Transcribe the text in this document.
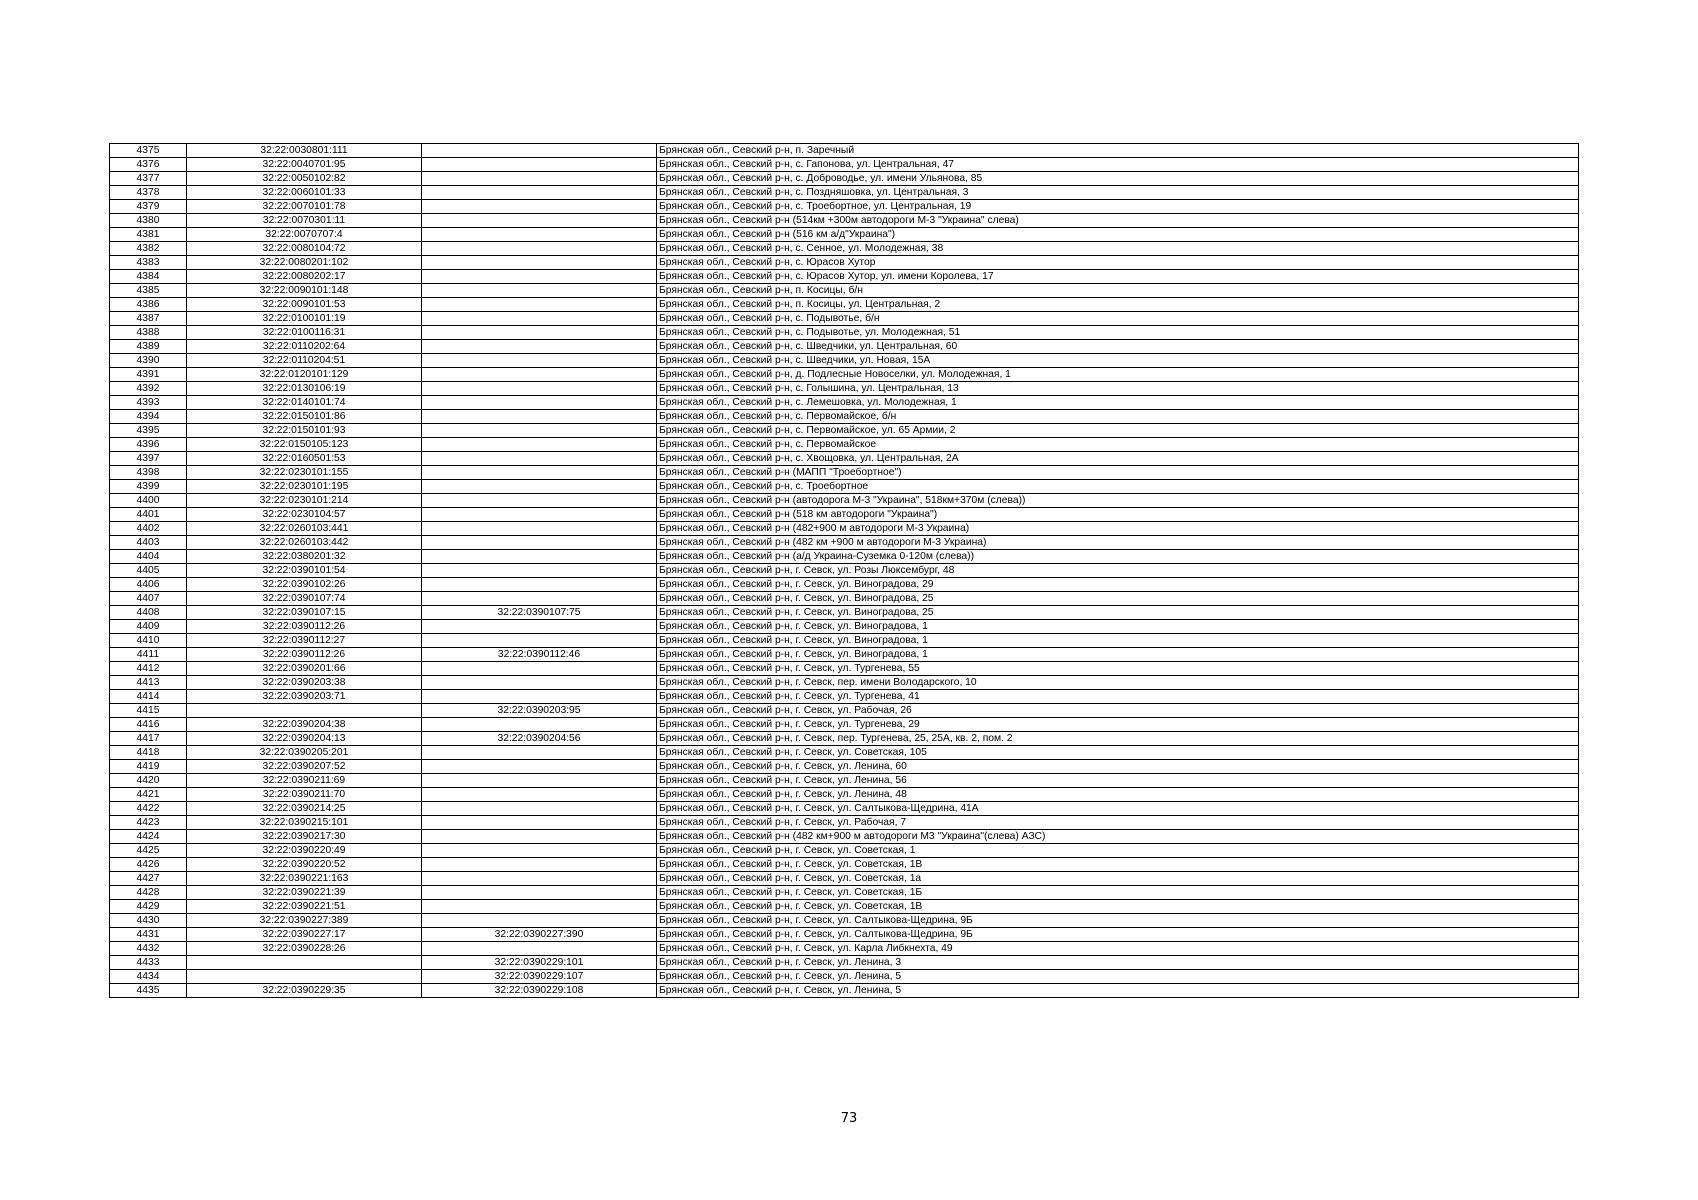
4375	32:22:0030801:111		Брянская обл., Севский р-н, п. Заречный
4376	32:22:0040701:95		Брянская обл., Севский р-н, с. Гапонова, ул. Центральная, 47
4377	32:22:0050102:82		Брянская обл., Севский р-н, с. Доброводье, ул. имени Ульянова, 85
4378	32:22:0060101:33		Брянская обл., Севский р-н, с. Поздняшовка, ул. Центральная, 3
4379	32:22:0070101:78		Брянская обл., Севский р-н, с. Троебортное, ул. Центральная, 19
4380	32:22:0070301:11		Брянская обл., Севский р-н (514км +300м автодороги М-3 "Украина" слева)
4381	32:22:0070707:4		Брянская обл., Севский р-н (516 км а/д"Украина")
4382	32:22:0080104:72		Брянская обл., Севский р-н, с. Сенное, ул. Молодежная, 38
4383	32:22:0080201:102		Брянская обл., Севский р-н, с. Юрасов Хутор
4384	32:22:0080202:17		Брянская обл., Севский р-н, с. Юрасов Хутор, ул. имени Королева, 17
4385	32:22:0090101:148		Брянская обл., Севский р-н, п. Косицы, б/н
4386	32:22:0090101:53		Брянская обл., Севский р-н, п. Косицы, ул. Центральная, 2
4387	32:22:0100101:19		Брянская обл., Севский р-н, с. Подывотье, б/н
4388	32:22:0100116:31		Брянская обл., Севский р-н, с. Подывотье, ул. Молодежная, 51
4389	32:22:0110202:64		Брянская обл., Севский р-н, с. Шведчики, ул. Центральная, 60
4390	32:22:0110204:51		Брянская обл., Севский р-н, с. Шведчики, ул. Новая, 15А
4391	32:22:0120101:129		Брянская обл., Севский р-н, д. Подлесные Новоселки, ул. Молодежная, 1
4392	32:22:0130106:19		Брянская обл., Севский р-н, с. Голышина, ул. Центральная, 13
4393	32:22:0140101:74		Брянская обл., Севский р-н, с. Лемешовка, ул. Молодежная, 1
4394	32:22:0150101:86		Брянская обл., Севский р-н, с. Первомайское, б/н
4395	32:22:0150101:93		Брянская обл., Севский р-н, с. Первомайское, ул. 65 Армии, 2
4396	32:22:0150105:123		Брянская обл., Севский р-н, с. Первомайское
4397	32:22:0160501:53		Брянская обл., Севский р-н, с. Хвощовка, ул. Центральная, 2А
4398	32:22:0230101:155		Брянская обл., Севский р-н (МАПП "Троебортное")
4399	32:22:0230101:195		Брянская обл., Севский р-н, с. Троебортное
4400	32:22:0230101:214		Брянская обл., Севский р-н (автодорога М-3 "Украина", 518км+370м (слева))
4401	32:22:0230104:57		Брянская обл., Севский р-н (518 км автодороги "Украина")
4402	32:22:0260103:441		Брянская обл., Севский р-н (482+900 м автодороги М-3 Украина)
4403	32:22:0260103:442		Брянская обл., Севский р-н (482 км +900 м автодороги М-3 Украина)
4404	32:22:0380201:32		Брянская обл., Севский р-н (а/д Украина-Суземка 0-120м (слева))
4405	32:22:0390101:54		Брянская обл., Севский р-н, г. Севск, ул. Розы Люксембург, 48
4406	32:22:0390102:26		Брянская обл., Севский р-н, г. Севск, ул. Виноградова, 29
4407	32:22:0390107:74		Брянская обл., Севский р-н, г. Севск, ул. Виноградова, 25
4408	32:22:0390107:15	32:22:0390107:75	Брянская обл., Севский р-н, г. Севск, ул. Виноградова, 25
4409	32:22:0390112:26		Брянская обл., Севский р-н, г. Севск, ул. Виноградова, 1
4410	32:22:0390112:27		Брянская обл., Севский р-н, г. Севск, ул. Виноградова, 1
4411	32:22:0390112:26	32:22:0390112:46	Брянская обл., Севский р-н, г. Севск, ул. Виноградова, 1
4412	32:22:0390201:66		Брянская обл., Севский р-н, г. Севск, ул. Тургенева, 55
4413	32:22:0390203:38		Брянская обл., Севский р-н, г. Севск, пер. имени Володарского, 10
4414	32:22:0390203:71		Брянская обл., Севский р-н, г. Севск, ул. Тургенева, 41
4415		32:22:0390203:95	Брянская обл., Севский р-н, г. Севск, ул. Рабочая, 26
4416	32:22:0390204:38		Брянская обл., Севский р-н, г. Севск, ул. Тургенева, 29
4417	32:22:0390204:13	32:22:0390204:56	Брянская обл., Севский р-н, г. Севск, пер. Тургенева, 25, 25А, кв. 2, пом. 2
4418	32:22:0390205:201		Брянская обл., Севский р-н, г. Севск, ул. Советская, 105
4419	32:22:0390207:52		Брянская обл., Севский р-н, г. Севск, ул. Ленина, 60
4420	32:22:0390211:69		Брянская обл., Севский р-н, г. Севск, ул. Ленина, 56
4421	32:22:0390211:70		Брянская обл., Севский р-н, г. Севск, ул. Ленина, 48
4422	32:22:0390214:25		Брянская обл., Севский р-н, г. Севск, ул. Салтыкова-Щедрина, 41А
4423	32:22:0390215:101		Брянская обл., Севский р-н, г. Севск, ул. Рабочая, 7
4424	32:22:0390217:30		Брянская обл., Севский р-н (482 км+900 м автодороги М3 "Украина"(слева) АЗС)
4425	32:22:0390220:49		Брянская обл., Севский р-н, г. Севск, ул. Советская, 1
4426	32:22:0390220:52		Брянская обл., Севский р-н, г. Севск, ул. Советская, 1В
4427	32:22:0390221:163		Брянская обл., Севский р-н, г. Севск, ул. Советская, 1а
4428	32:22:0390221:39		Брянская обл., Севский р-н, г. Севск, ул. Советская, 1Б
4429	32:22:0390221:51		Брянская обл., Севский р-н, г. Севск, ул. Советская, 1В
4430	32:22:0390227:389		Брянская обл., Севский р-н, г. Севск, ул. Салтыкова-Щедрина, 9Б
4431	32:22:0390227:17	32:22:0390227:390	Брянская обл., Севский р-н, г. Севск, ул. Салтыкова-Щедрина, 9Б
4432	32:22:0390228:26		Брянская обл., Севский р-н, г. Севск, ул. Карла Либкнехта, 49
4433		32:22:0390229:101	Брянская обл., Севский р-н, г. Севск, ул. Ленина, 3
4434		32:22:0390229:107	Брянская обл., Севский р-н, г. Севск, ул. Ленина, 5
4435	32:22:0390229:35	32:22:0390229:108	Брянская обл., Севский р-н, г. Севск, ул. Ленина, 5
73
